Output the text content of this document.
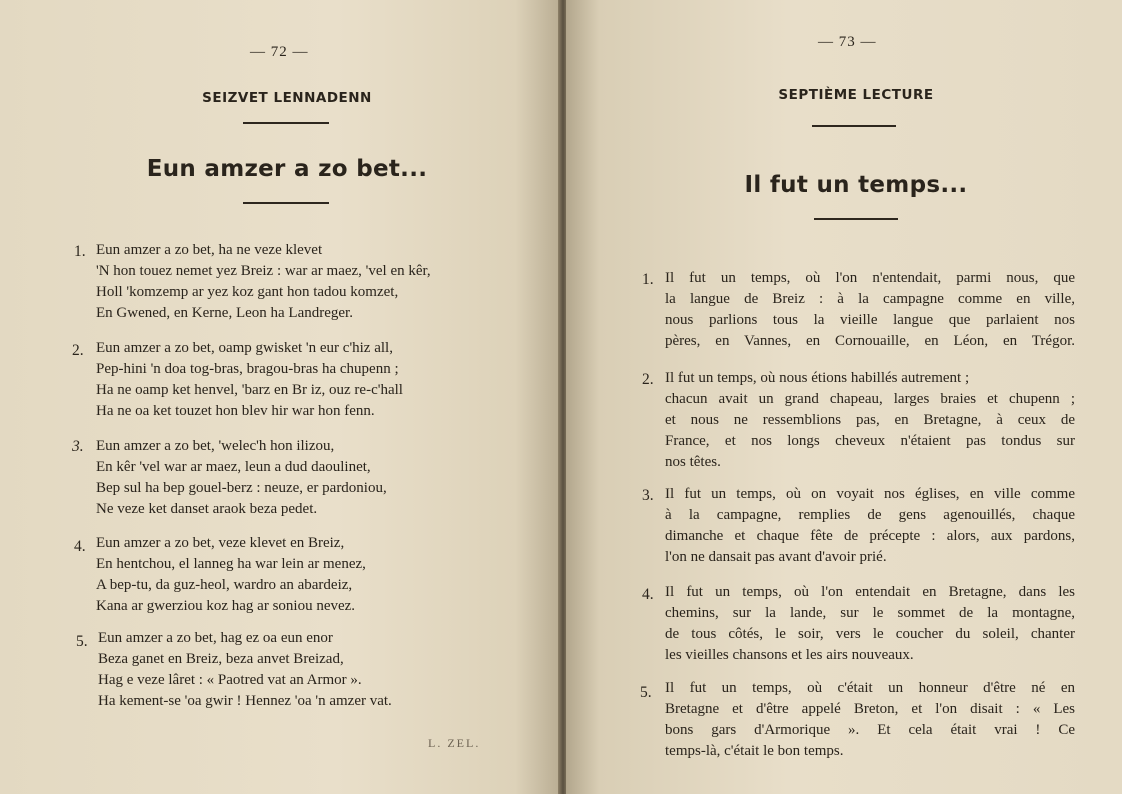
— 72 —
SEIZVET LENNADENN
Eun amzer a zo bet...
1. Eun amzer a zo bet, ha ne veze klevet
'N hon touez nemet yez Breiz : war ar maez, 'vel en kêr,
Holl 'komzemp ar yez koz gant hon tadou komzet,
En Gwened, en Kerne, Leon ha Landreger.
2. Eun amzer a zo bet, oamp gwisket 'n eur c'hiz all,
Pep-hini 'n doa tog-bras, bragou-bras ha chupenn ;
Ha ne oamp ket henvel, 'barz en Br iz, ouz re-c'hall
Ha ne oa ket touzet hon blev hir war hon fenn.
3. Eun amzer a zo bet, 'welec'h hon ilizou,
En kêr 'vel war ar maez, leun a dud daoulinet,
Bep sul ha bep gouel-berz : neuze, er pardoniou,
Ne veze ket danset araok beza pedet.
4. Eun amzer a zo bet, veze klevet en Breiz,
En hentchou, el lanneg ha war lein ar menez,
A bep-tu, da guz-heol, wardro an abardeiz,
Kana ar gwerziou koz hag ar soniou nevez.
5. Eun amzer a zo bet, hag ez oa eun enor
Beza ganet en Breiz, beza anvet Breizad,
Hag e veze lâret : « Paotred vat an Armor ».
Ha kement-se 'oa gwir ! Hennez 'oa 'n amzer vat.
L. ZEL.
— 73 —
SEPTIÈME LECTURE
Il fut un temps...
1. Il fut un temps, où l'on n'entendait, parmi nous, que
la langue de Breiz : à la campagne comme en ville,
nous parlions tous la vieille langue que parlaient nos
pères, en Vannes, en Cornouaille, en Léon, en Trégor.
2. Il fut un temps, où nous étions habillés autrement ;
chacun avait un grand chapeau, larges braies et chupenn ;
et nous ne ressemblions pas, en Bretagne, à ceux de
France, et nos longs cheveux n'étaient pas tondus sur
nos têtes.
3. Il fut un temps, où on voyait nos églises, en ville comme
à la campagne, remplies de gens agenouillés, chaque
dimanche et chaque fête de précepte : alors, aux pardons,
l'on ne dansait pas avant d'avoir prié.
4. Il fut un temps, où l'on entendait en Bretagne, dans les
chemins, sur la lande, sur le sommet de la montagne,
de tous côtés, le soir, vers le coucher du soleil, chanter
les vieilles chansons et les airs nouveaux.
5. Il fut un temps, où c'était un honneur d'être né en
Bretagne et d'être appelé Breton, et l'on disait : « Les
bons gars d'Armorique ». Et cela était vrai ! Ce
temps-là, c'était le bon temps.
